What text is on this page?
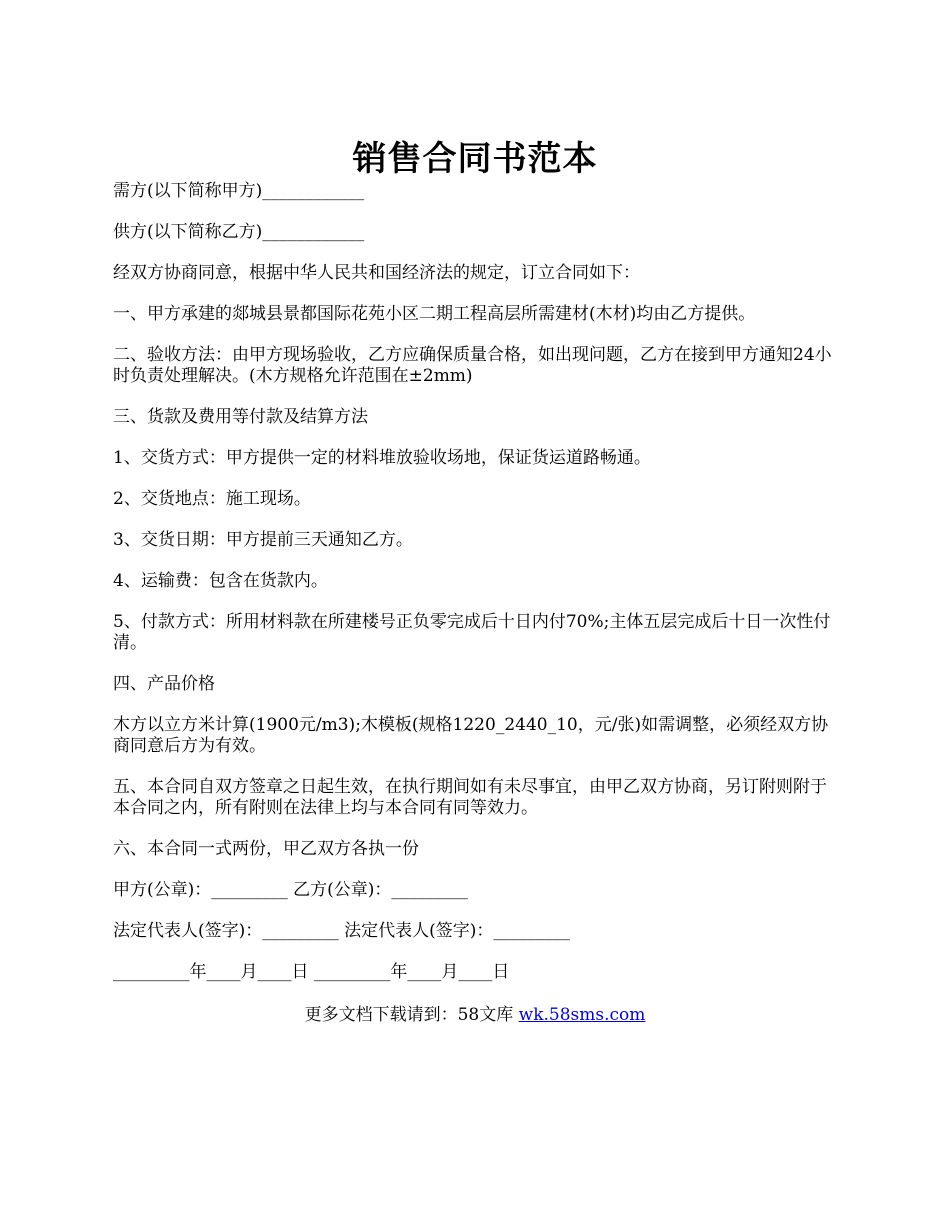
销售合同书范本

需方(以下简称甲方)____________

供方(以下简称乙方)____________

经双方协商同意，根据中华人民共和国经济法的规定，订立合同如下：

一、甲方承建的郯城县景都国际花苑小区二期工程高层所需建材(木材)均由乙方提供。

二、验收方法：由甲方现场验收，乙方应确保质量合格，如出现问题，乙方在接到甲方通知24小时负责处理解决。(木方规格允许范围在±2mm)

三、货款及费用等付款及结算方法

1、交货方式：甲方提供一定的材料堆放验收场地，保证货运道路畅通。

2、交货地点：施工现场。

3、交货日期：甲方提前三天通知乙方。

4、运输费：包含在货款内。

5、付款方式：所用材料款在所建楼号正负零完成后十日内付70%;主体五层完成后十日一次性付清。

四、产品价格

木方以立方米计算(1900元/m3);木模板(规格1220_2440_10，元/张)如需调整，必须经双方协商同意后方为有效。

五、本合同自双方签章之日起生效，在执行期间如有未尽事宜，由甲乙双方协商，另订附则附于本合同之内，所有附则在法律上均与本合同有同等效力。

六、本合同一式两份，甲乙双方各执一份

甲方(公章)：_________ 乙方(公章)：_________

法定代表人(签字)：_________ 法定代表人(签字)：_________

_________年____月____日 _________年____月____日

更多文档下载请到：58文库 wk.58sms.com
